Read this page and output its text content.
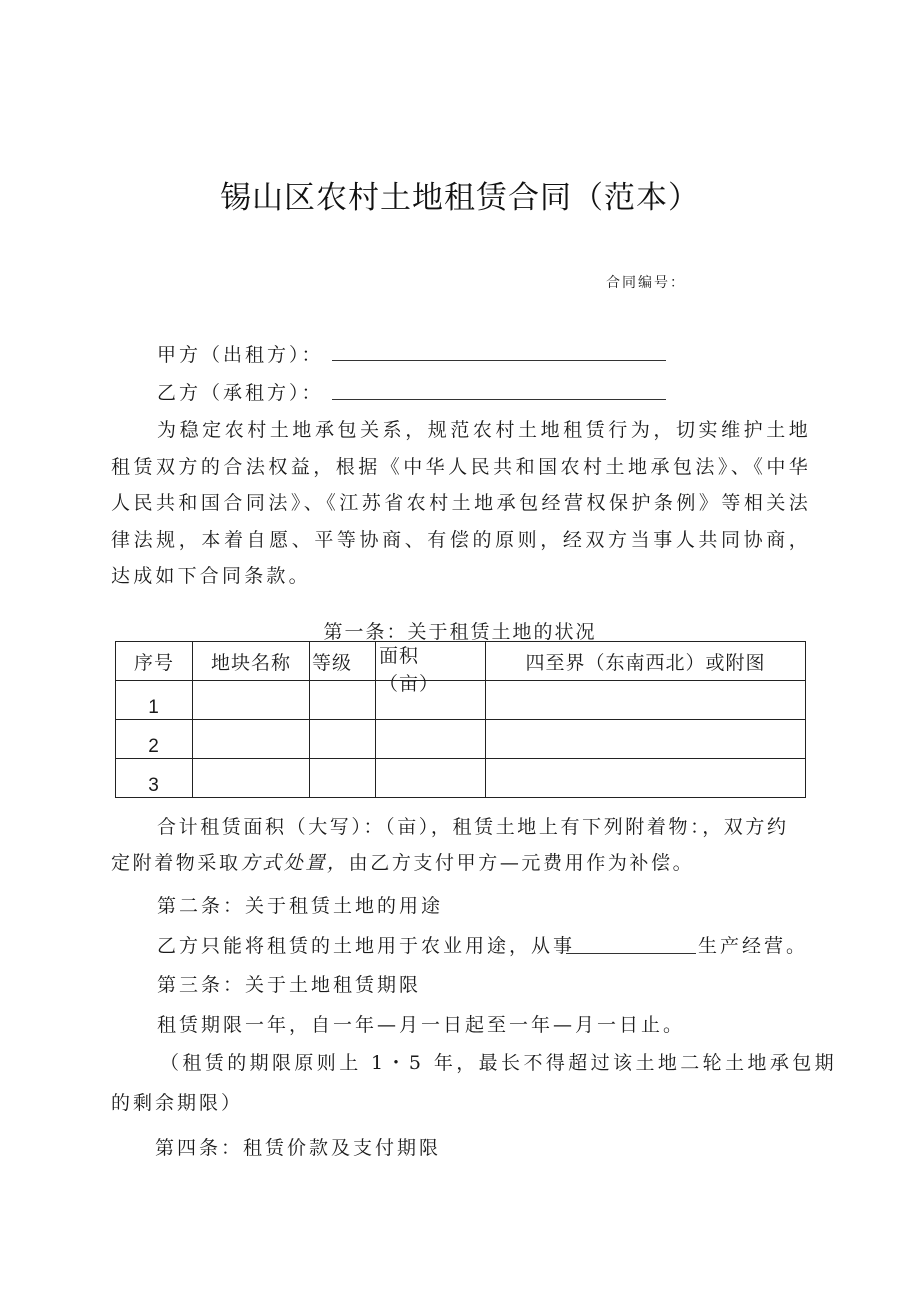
锡山区农村土地租赁合同（范本）
合同编号：
甲方（出租方）：
乙方（承租方）：
为稳定农村土地承包关系，规范农村土地租赁行为，切实维护土地租赁双方的合法权益，根据《中华人民共和国农村土地承包法》、《中华人民共和国合同法》、《江苏省农村土地承包经营权保护条例》等相关法律法规，本着自愿、平等协商、有偿的原则，经双方当事人共同协商，达成如下合同条款。
第一条：关于租赁土地的状况
序号	地块名称	等级	面积（亩）	四至界（东南西北）或附图
1				
2				
3				
合计租赁面积（大写）：（亩），租赁土地上有下列附着物：，双方约
定附着物采取方式处置，由乙方支付甲方—元费用作为补偿。
第二条：关于租赁土地的用途
乙方只能将租赁的土地用于农业用途，从事	生产经营。
第三条：关于土地租赁期限
租赁期限一年，自一年—月一日起至一年—月一日止。
（租赁的期限原则上 1・5 年，最长不得超过该土地二轮土地承包期
的剩余期限）
第四条：租赁价款及支付期限
